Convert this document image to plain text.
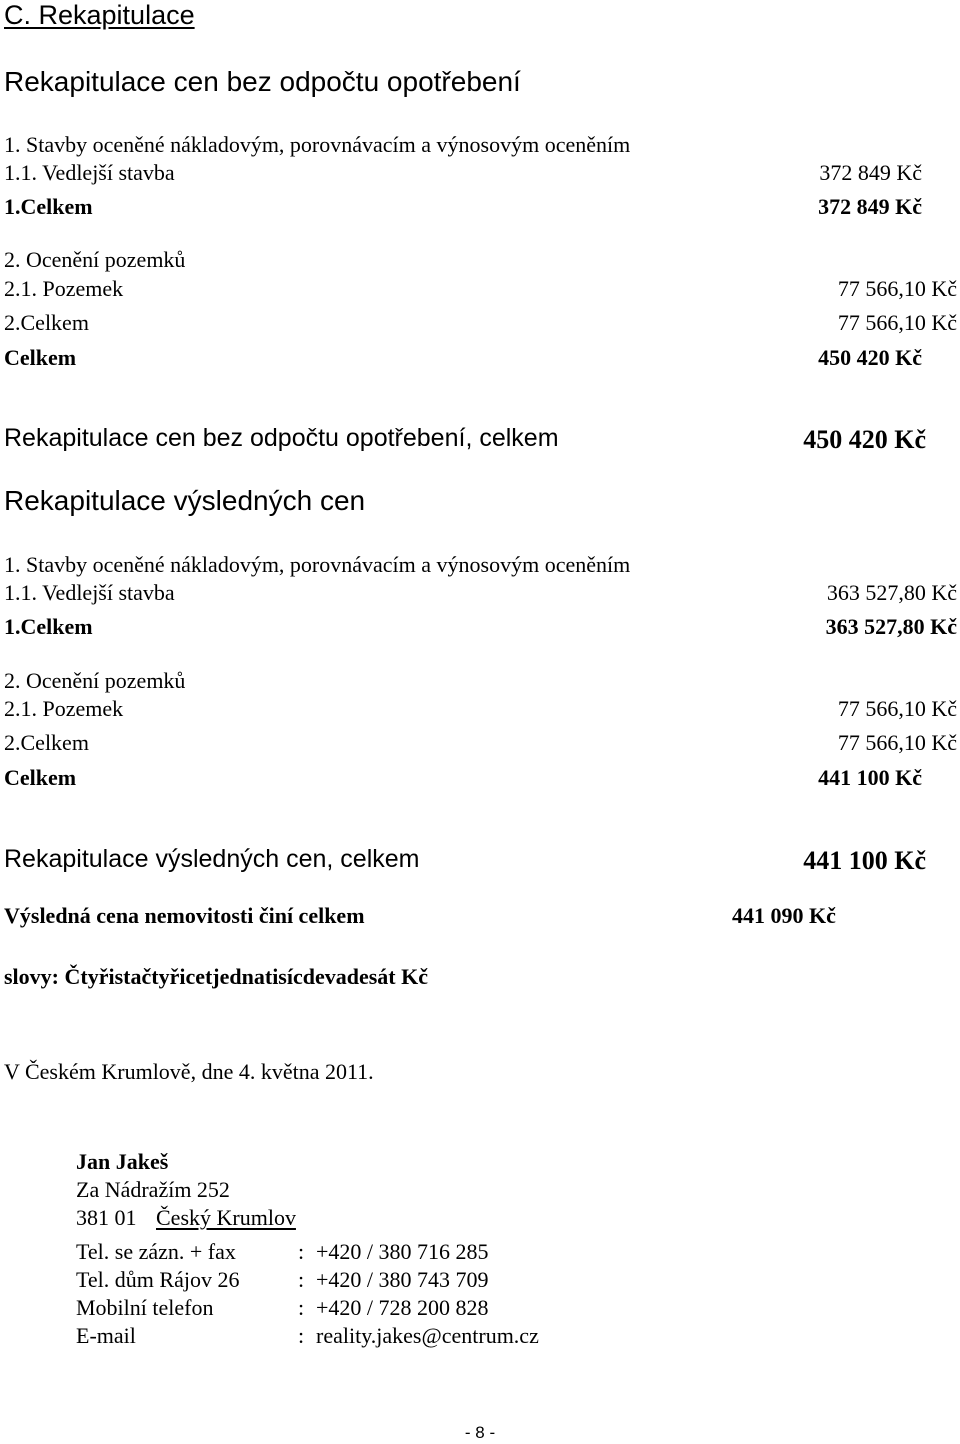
C. Rekapitulace
Rekapitulace cen bez odpočtu opotřebení
1. Stavby oceněné nákladovým, porovnávacím a výnosovým oceněním
1.1. Vedlejší stavba	372 849 Kč
1.Celkem	372 849 Kč
2. Ocenění pozemků
2.1. Pozemek	77 566,10 Kč
2.Celkem	77 566,10 Kč
Celkem	450 420 Kč
Rekapitulace cen bez odpočtu opotřebení, celkem	450 420 Kč
Rekapitulace výsledných cen
1. Stavby oceněné nákladovým, porovnávacím a výnosovým oceněním
1.1. Vedlejší stavba	363 527,80 Kč
1.Celkem	363 527,80 Kč
2. Ocenění pozemků
2.1. Pozemek	77 566,10 Kč
2.Celkem	77 566,10 Kč
Celkem	441 100 Kč
Rekapitulace výsledných cen, celkem	441 100 Kč
Výsledná cena nemovitosti činí celkem	441 090 Kč
slovy: Čtyřistačtyřicetjednatisícdevadesát Kč
V Českém Krumlově, dne 4. května 2011.
Jan Jakeš
Za Nádražím 252
381 01 Český Krumlov
Tel. se zázn. + fax	: +420 / 380 716 285
Tel. dům Rájov 26	: +420 / 380 743 709
Mobilní telefon	: +420 / 728 200 828
E-mail	: reality.jakes@centrum.cz
- 8 -
